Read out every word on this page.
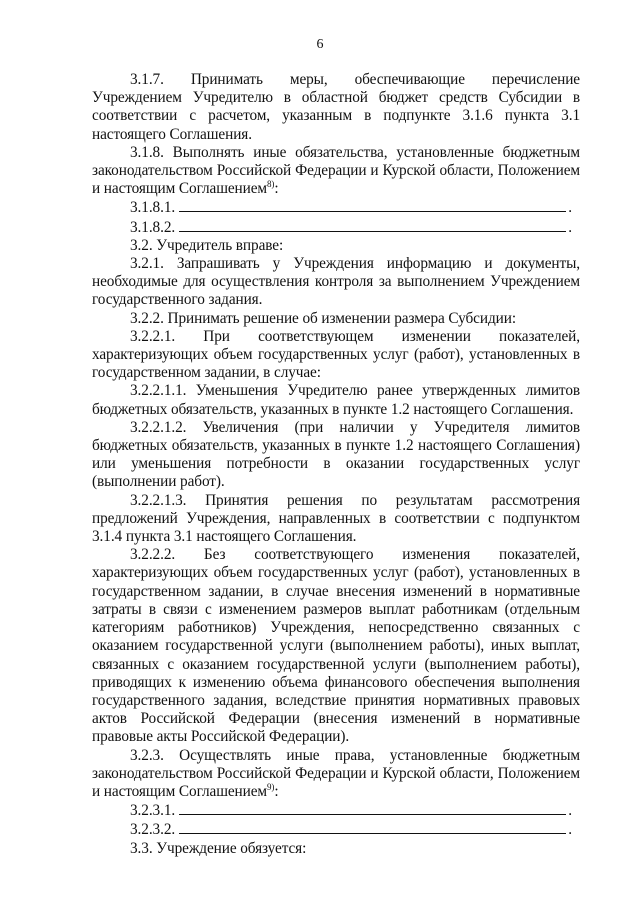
6

3.1.7. Принимать меры, обеспечивающие перечисление Учреждением Учредителю в областной бюджет средств Субсидии в соответствии с расчетом, указанным в подпункте 3.1.6 пункта 3.1 настоящего Соглашения.

3.1.8. Выполнять иные обязательства, установленные бюджетным законодательством Российской Федерации и Курской области, Положением и настоящим Соглашением$^{8)}$:

3.1.8.1.	.
3.1.8.2.	.

3.2. Учредитель вправе:

3.2.1. Запрашивать у Учреждения информацию и документы, необходимые для осуществления контроля за выполнением Учреждением государственного задания.

3.2.2. Принимать решение об изменении размера Субсидии:

3.2.2.1. При соответствующем изменении показателей, характеризующих объем государственных услуг (работ), установленных в государственном задании, в случае:

3.2.2.1.1. Уменьшения Учредителю ранее утвержденных лимитов бюджетных обязательств, указанных в пункте 1.2 настоящего Соглашения.

3.2.2.1.2. Увеличения (при наличии у Учредителя лимитов бюджетных обязательств, указанных в пункте 1.2 настоящего Соглашения) или уменьшения потребности в оказании государственных услуг (выполнении работ).

3.2.2.1.3. Принятия решения по результатам рассмотрения предложений Учреждения, направленных в соответствии с подпунктом 3.1.4 пункта 3.1 настоящего Соглашения.

3.2.2.2. Без соответствующего изменения показателей, характеризующих объем государственных услуг (работ), установленных в государственном задании, в случае внесения изменений в нормативные затраты в связи с изменением размеров выплат работникам (отдельным категориям работников) Учреждения, непосредственно связанных с оказанием государственной услуги (выполнением работы), иных выплат, связанных с оказанием государственной услуги (выполнением работы), приводящих к изменению объема финансового обеспечения выполнения государственного задания, вследствие принятия нормативных правовых актов Российской Федерации (внесения изменений в нормативные правовые акты Российской Федерации).

3.2.3. Осуществлять иные права, установленные бюджетным законодательством Российской Федерации и Курской области, Положением и настоящим Соглашением$^{9)}$:

3.2.3.1.	.
3.2.3.2.	.

3.3. Учреждение обязуется:
